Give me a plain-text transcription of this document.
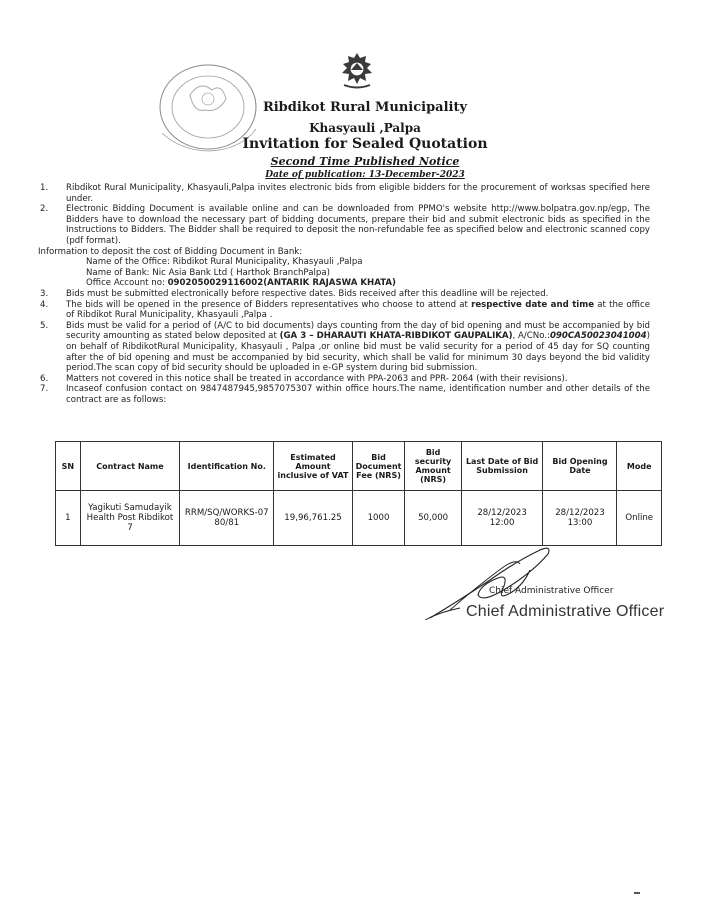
Ribdikot Rural Municipality
Khasyauli ,Palpa
Invitation for Sealed Quotation
Second Time Published Notice
Date of publication: 13-December-2023
1.	Ribdikot Rural Municipality, Khasyauli,Palpa invites electronic bids from eligible bidders for the procurement of worksas specified here under.
2.	Electronic Bidding Document is available online and can be downloaded from PPMO's website http://www.bolpatra.gov.np/egp, The Bidders have to download the necessary part of bidding documents, prepare their bid and submit electronic bids as specified in the Instructions to Bidders. The Bidder shall be required to deposit the non-refundable fee as specified below and electronic scanned copy (pdf format).
Information to deposit the cost of Bidding Document in Bank:
Name of the Office: Ribdikot Rural Municipality, Khasyauli ,Palpa
Name of Bank: Nic Asia Bank Ltd ( Harthok BranchPalpa)
Office Account no: 0902050029116002(ANTARIK RAJASWA KHATA)
3.	Bids must be submitted electronically before respective dates. Bids received after this deadline will be rejected.
4.	The bids will be opened in the presence of Bidders representatives who choose to attend at respective date and time at the office of Ribdikot Rural Municipality, Khasyauli ,Palpa .
5.	Bids must be valid for a period of (A/C to bid documents) days counting from the day of bid opening and must be accompanied by bid security amounting as stated below deposited at (GA 3 – DHARAUTI KHATA-RIBDIKOT GAUPALIKA), A/CNo.:090CA50023041004) on behalf of RibdikotRural Municipality, Khasyauli , Palpa ,or online bid must be valid security for a period of 45 day for SQ counting after the of bid opening and must be accompanied by bid security, which shall be valid for minimum 30 days beyond the bid validity period.The scan copy of bid security should be uploaded in e-GP system during bid submission.
6.	Matters not covered in this notice shall be treated in accordance with PPA-2063 and PPR- 2064 (with their revisions).
7.	Incaseof confusion contact on 9847487945,9857075307 within office hours.The name, identification number and other details of the contract are as follows:
SN	Contract Name	Identification No.	Estimated Amount inclusive of VAT	Bid Document Fee (NRS)	Bid security Amount (NRS)	Last Date of Bid Submission	Bid Opening Date	Mode
1	Yagikuti Samudayik Health Post Ribdikot 7	RRM/SQ/WORKS-07 80/81	19,96,761.25	1000	50,000	28/12/2023 12:00	28/12/2023 13:00	Online
Chief Administrative Officer
Chief Administrative Officer
